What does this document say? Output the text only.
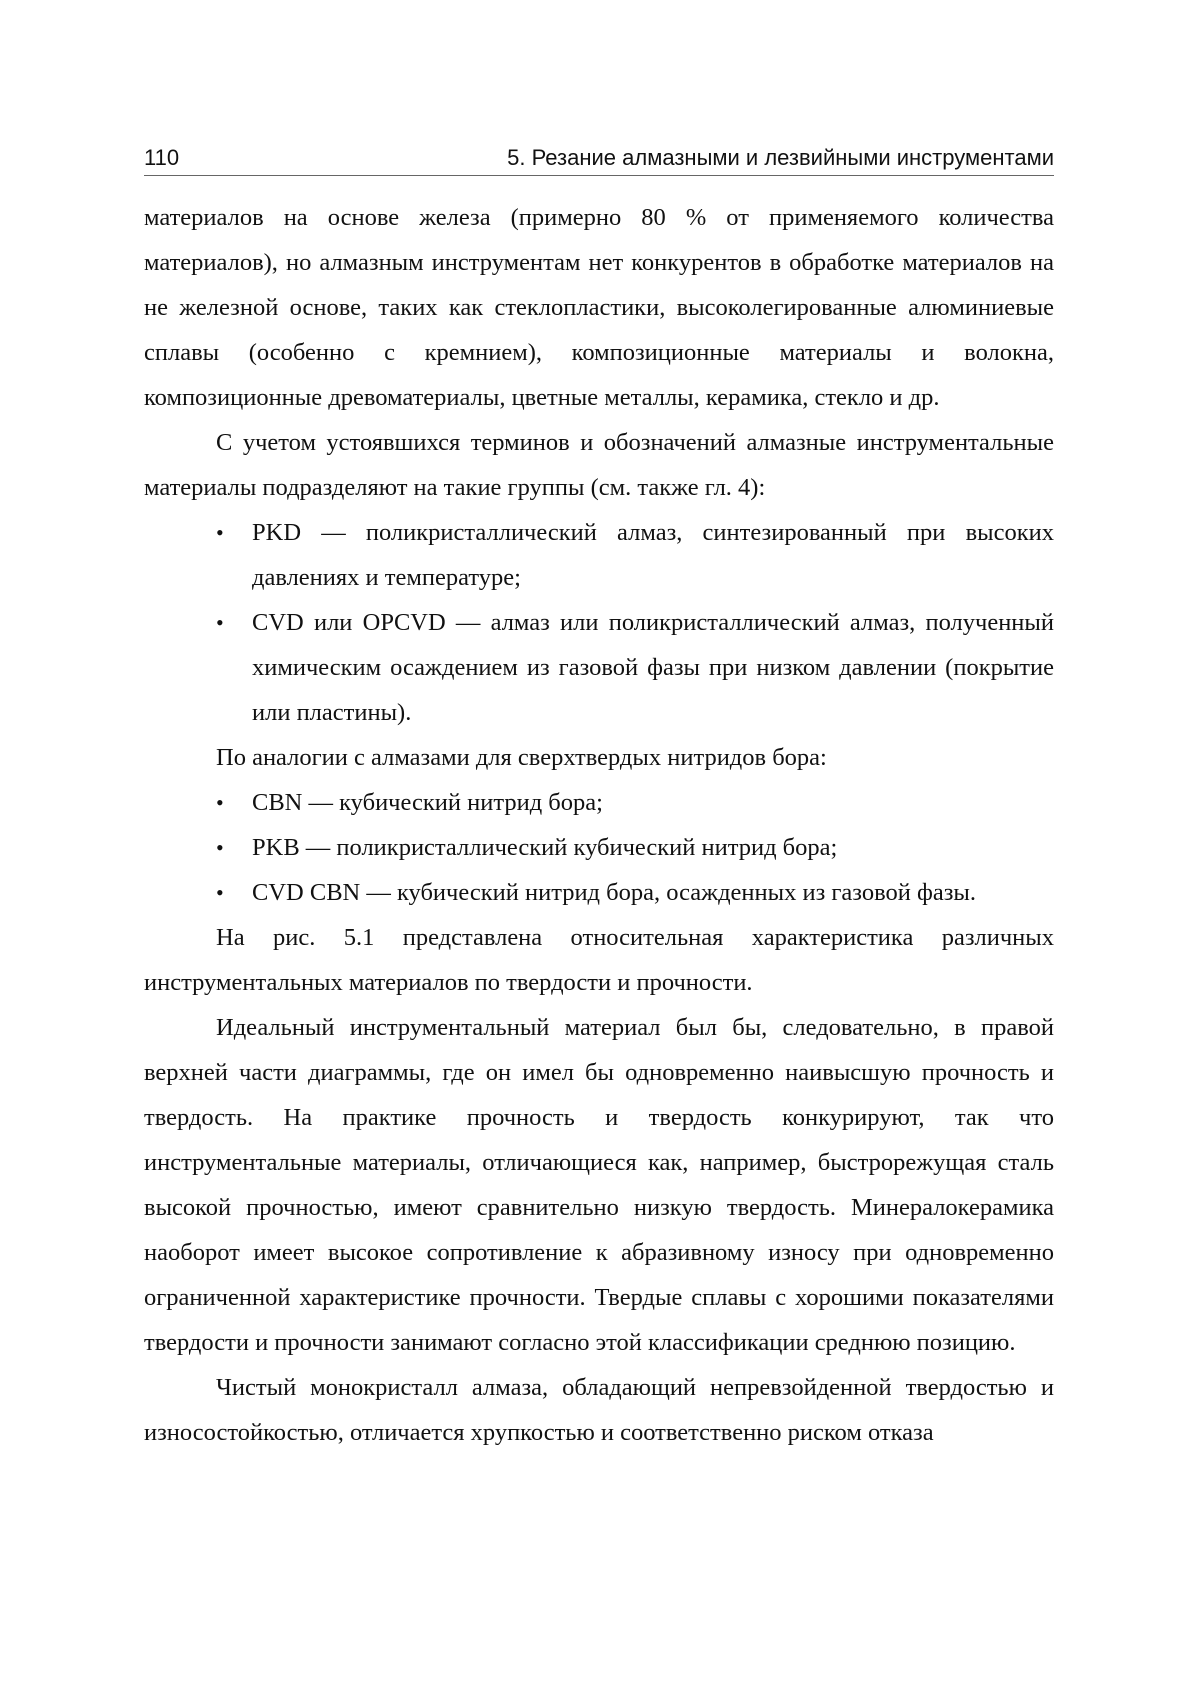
110	5. Резание алмазными и лезвийными инструментами

материалов на основе железа (примерно 80 % от применяемого количества материалов), но алмазным инструментам нет конкурентов в обработке материалов на не железной основе, таких как стеклопластики, высоколегированные алюминиевые сплавы (особенно с кремнием), композиционные материалы и волокна, композиционные древоматериалы, цветные металлы, керамика, стекло и др.

С учетом устоявшихся терминов и обозначений алмазные инструментальные материалы подразделяют на такие группы (см. также гл. 4):

• PKD — поликристаллический алмаз, синтезированный при высоких давлениях и температуре;
• CVD или OPCVD — алмаз или поликристаллический алмаз, полученный химическим осаждением из газовой фазы при низком давлении (покрытие или пластины).

По аналогии с алмазами для сверхтвердых нитридов бора:

• CBN — кубический нитрид бора;
• PKB — поликристаллический кубический нитрид бора;
• CVD CBN — кубический нитрид бора, осажденных из газовой фазы.

На рис. 5.1 представлена относительная характеристика различных инструментальных материалов по твердости и прочности.

Идеальный инструментальный материал был бы, следовательно, в правой верхней части диаграммы, где он имел бы одновременно наивысшую прочность и твердость. На практике прочность и твердость конкурируют, так что инструментальные материалы, отличающиеся как, например, быстрорежущая сталь высокой прочностью, имеют сравнительно низкую твердость. Минералокерамика наоборот имеет высокое сопротивление к абразивному износу при одновременно ограниченной характеристике прочности. Твердые сплавы с хорошими показателями твердости и прочности занимают согласно этой классификации среднюю позицию.

Чистый монокристалл алмаза, обладающий непревзойденной твердостью и износостойкостью, отличается хрупкостью и соответственно риском отказа
